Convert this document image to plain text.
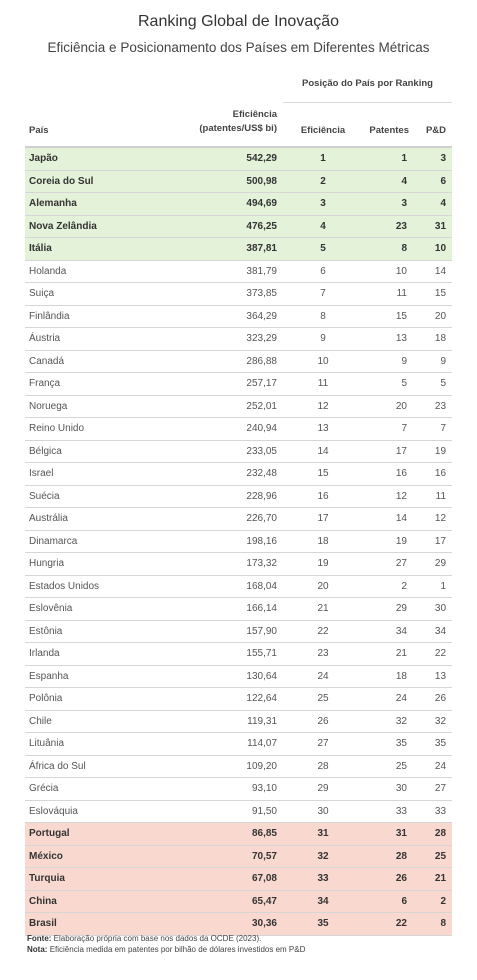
Ranking Global de Inovação
Eficiência e Posicionamento dos Países em Diferentes Métricas
País	Eficiência
(patentes/US$ bi)	Posição do País por Ranking		
		Eficiência	Patentes	P&D
Japão	542,29	1	1	3
Coreia do Sul	500,98	2	4	6
Alemanha	494,69	3	3	4
Nova Zelândia	476,25	4	23	31
Itália	387,81	5	8	10
Holanda	381,79	6	10	14
Suiça	373,85	7	11	15
Finlândia	364,29	8	15	20
Áustria	323,29	9	13	18
Canadá	286,88	10	9	9
França	257,17	11	5	5
Noruega	252,01	12	20	23
Reino Unido	240,94	13	7	7
Bélgica	233,05	14	17	19
Israel	232,48	15	16	16
Suécia	228,96	16	12	11
Austrália	226,70	17	14	12
Dinamarca	198,16	18	19	17
Hungria	173,32	19	27	29
Estados Unidos	168,04	20	2	1
Eslovênia	166,14	21	29	30
Estônia	157,90	22	34	34
Irlanda	155,71	23	21	22
Espanha	130,64	24	18	13
Polônia	122,64	25	24	26
Chile	119,31	26	32	32
Lituânia	114,07	27	35	35
África do Sul	109,20	28	25	24
Grécia	93,10	29	30	27
Eslováquia	91,50	30	33	33
Portugal	86,85	31	31	28
México	70,57	32	28	25
Turquia	67,08	33	26	21
China	65,47	34	6	2
Brasil	30,36	35	22	8
Fonte: Elaboração própria com base nos dados da OCDE (2023).
Nota: Eficiência medida em patentes por bilhão de dólares investidos em P&D
